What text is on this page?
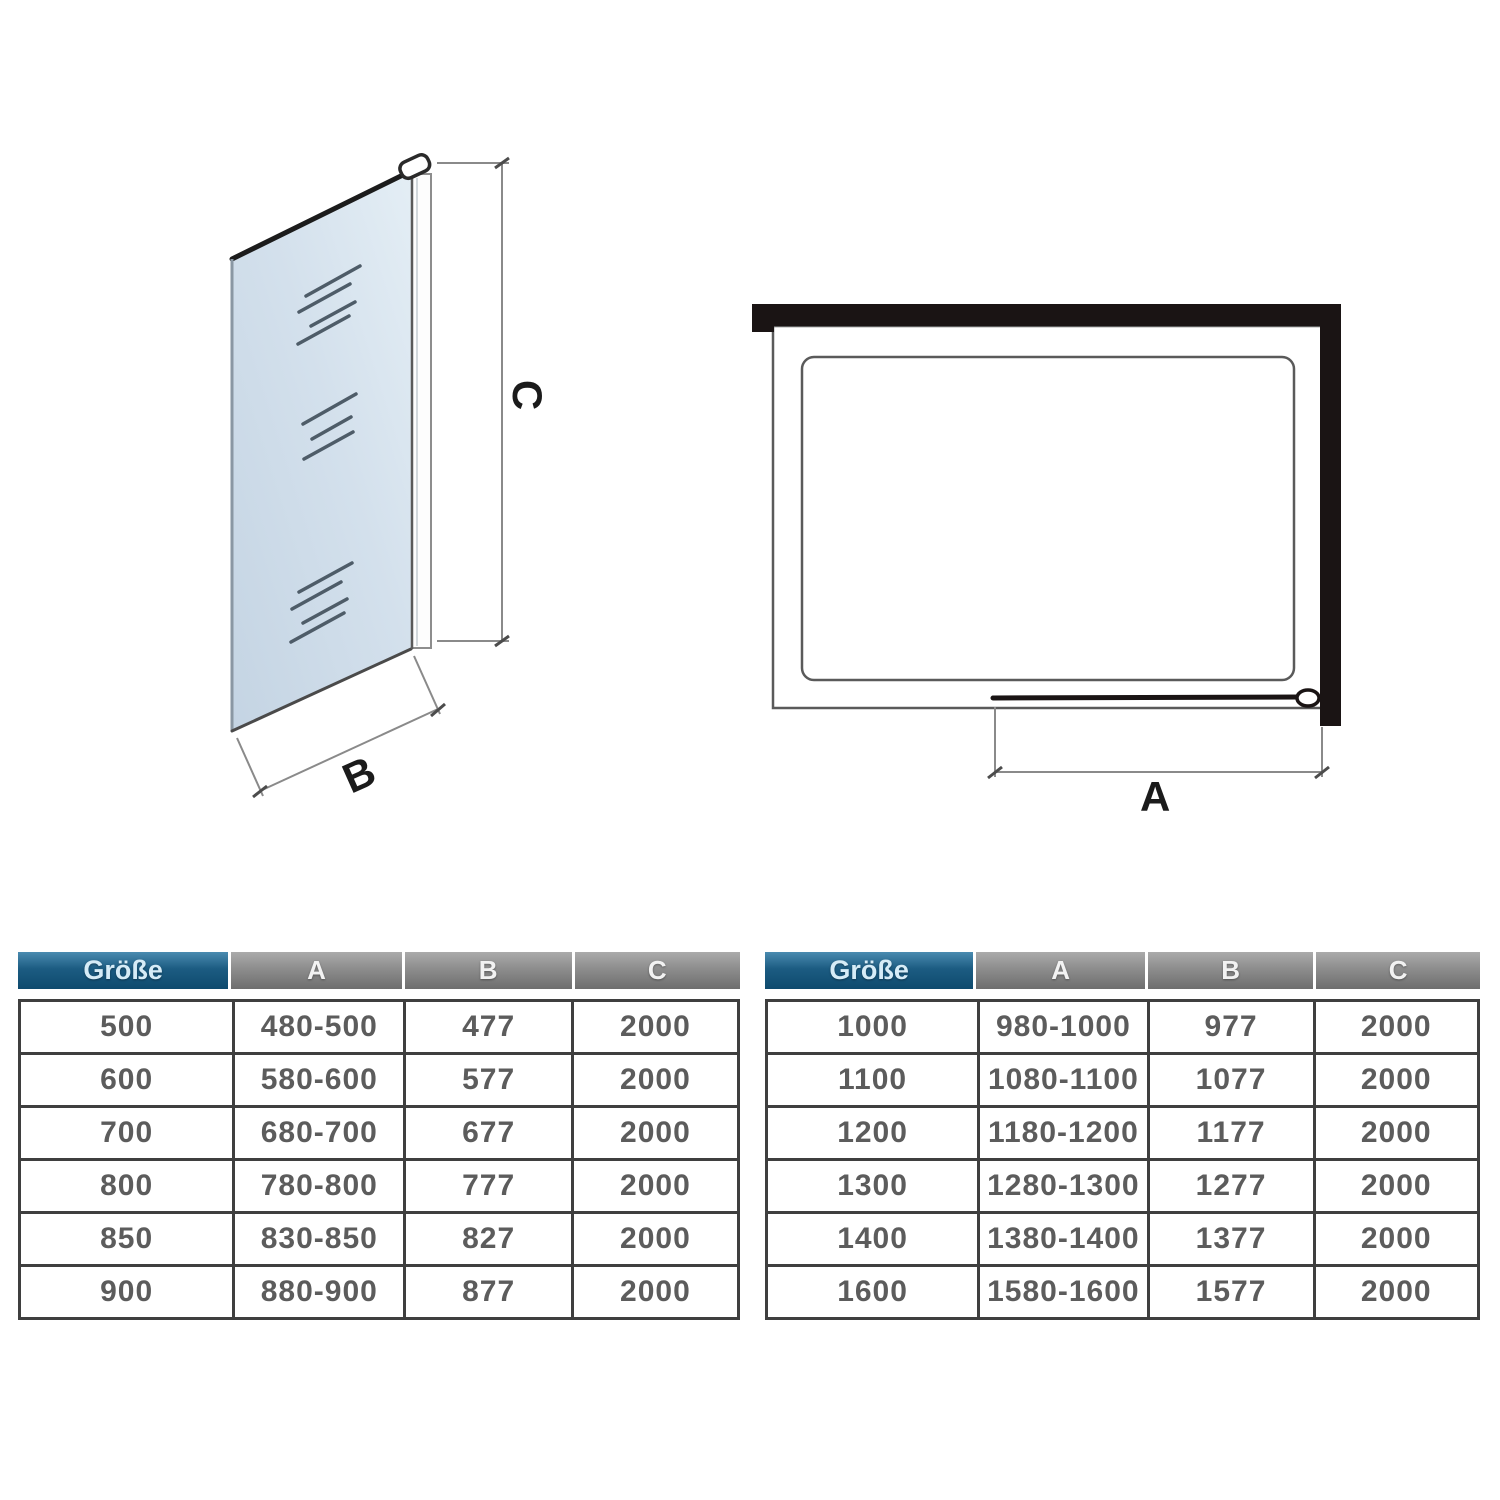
C
B	A
Größe	A	B	C
500	480-500	477	2000
600	580-600	577	2000
700	680-700	677	2000
800	780-800	777	2000
850	830-850	827	2000
900	880-900	877	2000
Größe	A	B	C
1000	980-1000	977	2000
1100	1080-1100	1077	2000
1200	1180-1200	1177	2000
1300	1280-1300	1277	2000
1400	1380-1400	1377	2000
1600	1580-1600	1577	2000
